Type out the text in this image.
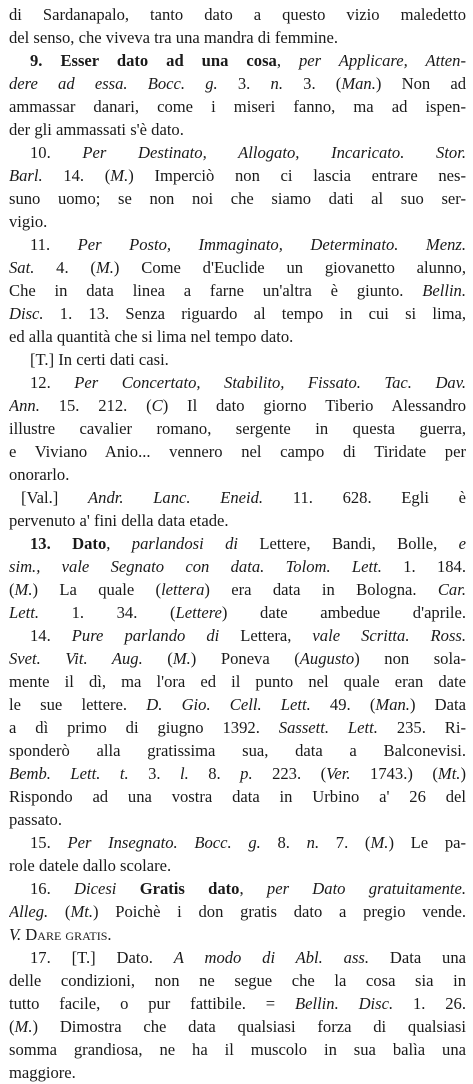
di Sardanapalo, tanto dato a questo vizio maledetto
del senso, che viveva tra una mandra di femmine.
9. Esser dato ad una cosa, per Applicare, Atten-
dere ad essa. Bocc. g. 3. n. 3. (Man.) Non ad
ammassar danari, come i miseri fanno, ma ad ispen-
der gli ammassati s'è dato.
10. Per Destinato, Allogato, Incaricato. Stor.
Barl. 14. (M.) Imperciò non ci lascia entrare nes-
suno uomo; se non noi che siamo dati al suo ser-
vigio.
11. Per Posto, Immaginato, Determinato. Menz.
Sat. 4. (M.) Come d'Euclide un giovanetto alunno,
Che in data linea a farne un'altra è giunto. Bellin.
Disc. 1. 13. Senza riguardo al tempo in cui si lima,
ed alla quantità che si lima nel tempo dato.
[T.] In certi dati casi.
12. Per Concertato, Stabilito, Fissato. Tac. Dav.
Ann. 15. 212. (C) Il dato giorno Tiberio Alessandro
illustre cavalier romano, sergente in questa guerra,
e Viviano Anio... vennero nel campo di Tiridate per
onorarlo.
[Val.] Andr. Lanc. Eneid. 11. 628. Egli è
pervenuto a' fini della data etade.
13. Dato, parlandosi di Lettere, Bandi, Bolle, e
sim., vale Segnato con data. Tolom. Lett. 1. 184.
(M.) La quale (lettera) era data in Bologna. Car.
Lett. 1. 34. (Lettere) date ambedue d'aprile.
14. Pure parlando di Lettera, vale Scritta. Ross.
Svet. Vit. Aug. (M.) Poneva (Augusto) non sola-
mente il dì, ma l'ora ed il punto nel quale eran date
le sue lettere. D. Gio. Cell. Lett. 49. (Man.) Data
a dì primo di giugno 1392. Sassett. Lett. 235. Ri-
sponderò alla gratissima sua, data a Balconevisi.
Bemb. Lett. t. 3. l. 8. p. 223. (Ver. 1743.) (Mt.)
Rispondo ad una vostra data in Urbino a' 26 del
passato.
15. Per Insegnato. Bocc. g. 8. n. 7. (M.) Le pa-
role datele dallo scolare.
16. Dicesi Gratis dato, per Dato gratuitamente.
Alleg. (Mt.) Poichè i don gratis dato a pregio vende.
V. Dare gratis.
17. [T.] Dato. A modo di Abl. ass. Data una
delle condizioni, non ne segue che la cosa sia in
tutto facile, o pur fattibile. = Bellin. Disc. 1. 26.
(M.) Dimostra che data qualsiasi forza di qualsiasi
somma grandiosa, ne ha il muscolo in sua balìa una
maggiore.
